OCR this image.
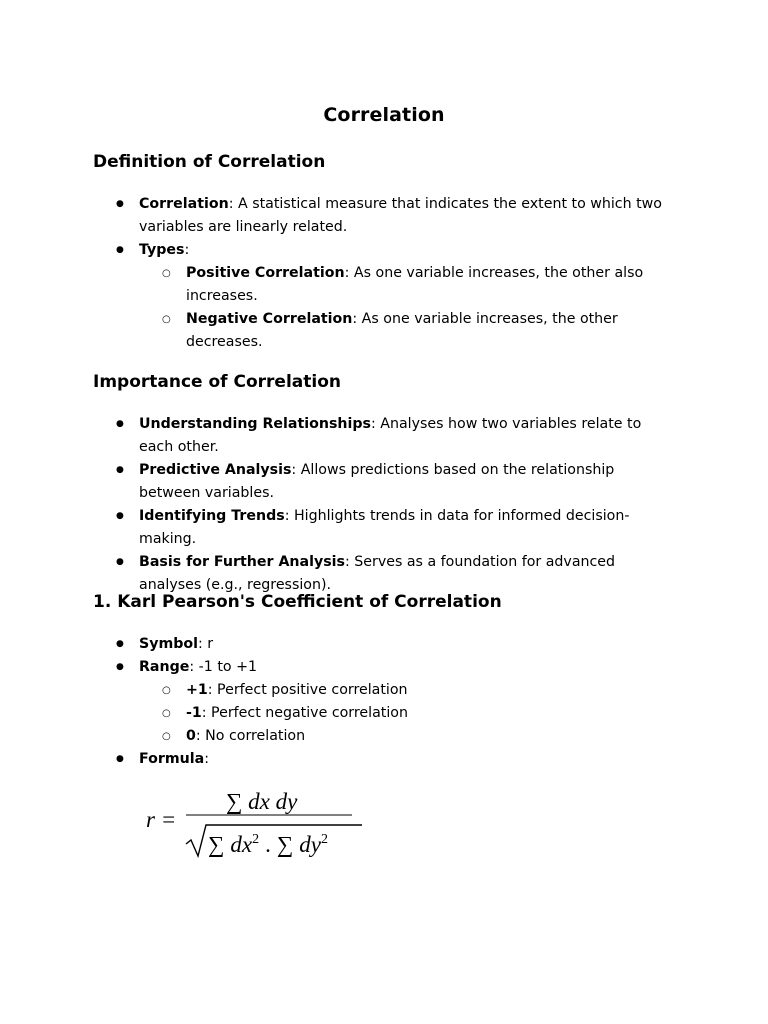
Correlation
Definition of Correlation
● Correlation: A statistical measure that indicates the extent to which two variables are linearly related.
● Types:
○ Positive Correlation: As one variable increases, the other also increases.
○ Negative Correlation: As one variable increases, the other decreases.
Importance of Correlation
● Understanding Relationships: Analyses how two variables relate to each other.
● Predictive Analysis: Allows predictions based on the relationship between variables.
● Identifying Trends: Highlights trends in data for informed decision-making.
● Basis for Further Analysis: Serves as a foundation for advanced analyses (e.g., regression).
1. Karl Pearson's Coefficient of Correlation
● Symbol: r
● Range: -1 to +1
○ +1: Perfect positive correlation
○ -1: Perfect negative correlation
○ 0: No correlation
● Formula:
r =
∑ dx dy
∑ $dx^2$ . ∑ $dy^2$
